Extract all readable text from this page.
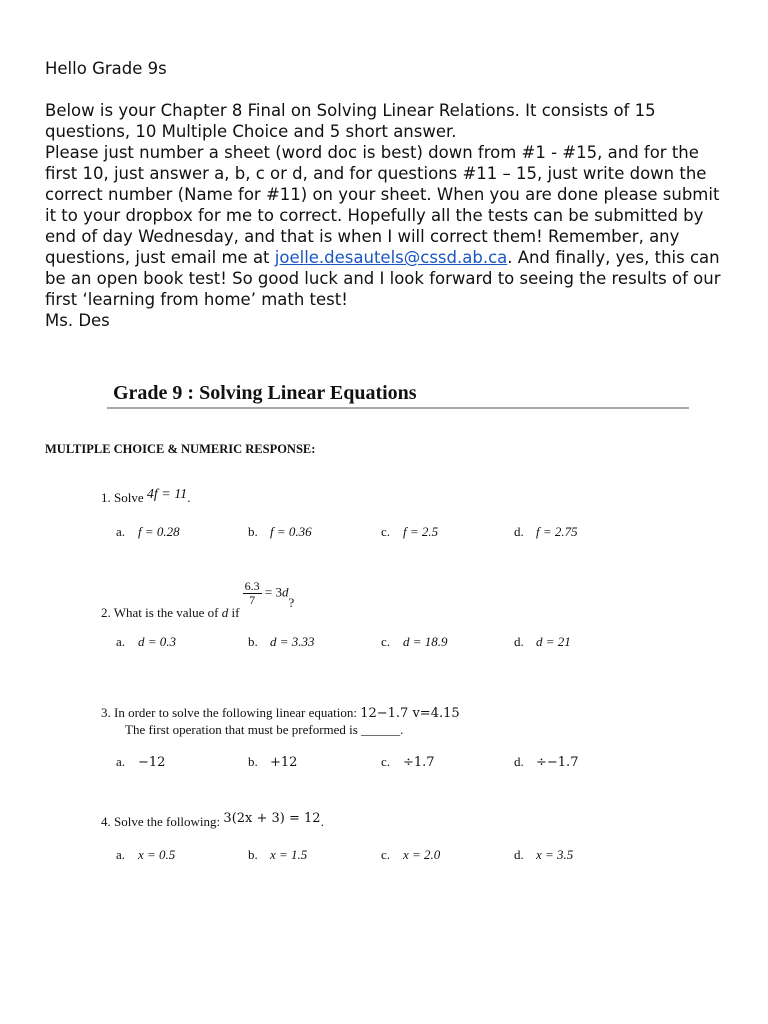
Hello Grade 9s

Below is your Chapter 8 Final on Solving Linear Relations. It consists of 15 questions, 10 Multiple Choice and 5 short answer.
Please just number a sheet (word doc is best) down from #1 - #15, and for the first 10, just answer a, b, c or d, and for questions #11 – 15, just write down the correct number (Name for #11) on your sheet. When you are done please submit it to your dropbox for me to correct. Hopefully all the tests can be submitted by end of day Wednesday, and that is when I will correct them! Remember, any questions, just email me at joelle.desautels@cssd.ab.ca. And finally, yes, this can be an open book test! So good luck and I look forward to seeing the results of our first ‘learning from home’ math test!

Ms. Des

Grade 9 : Solving Linear Equations
MULTIPLE CHOICE & NUMERIC RESPONSE:
1. Solve 4f = 11.
a. f = 0.28	b. f = 0.36	c. f = 2.5	d. f = 2.75
2. What is the value of d if
$\frac{6.3}{7} = 3d$?
a. d = 0.3	b. d = 3.33	c. d = 18.9	d. d = 21
3. In order to solve the following linear equation: 12−1.7 v=4.15
The first operation that must be preformed is ______.
a. −12	b. +12	c. ÷1.7	d. ÷−1.7
4. Solve the following: 3(2x + 3) = 12.
a. x = 0.5	b. x = 1.5	c. x = 2.0	d. x = 3.5
